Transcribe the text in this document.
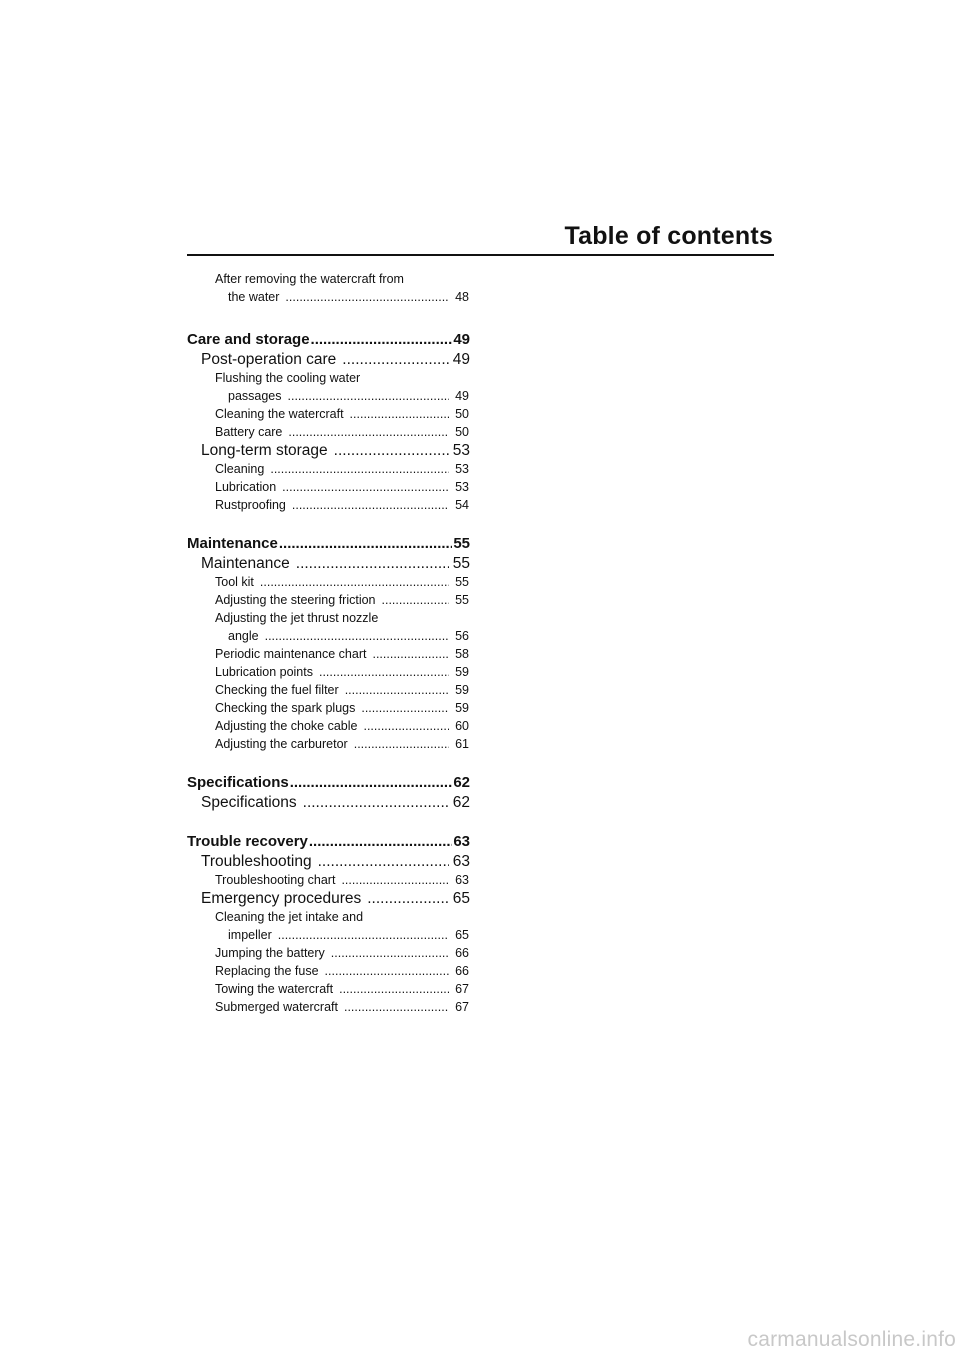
Table of contents
After removing the watercraft from
the water .....	48
Care and storage .....	49
Post-operation care .....	49
Flushing the cooling water
passages .....	49
Cleaning the watercraft .....	50
Battery care .....	50
Long-term storage .....	53
Cleaning .....	53
Lubrication .....	53
Rustproofing .....	54
Maintenance .....	55
Maintenance .....	55
Tool kit .....	55
Adjusting the steering friction .....	55
Adjusting the jet thrust nozzle
angle .....	56
Periodic maintenance chart .....	58
Lubrication points .....	59
Checking the fuel filter .....	59
Checking the spark plugs .....	59
Adjusting the choke cable .....	60
Adjusting the carburetor .....	61
Specifications .....	62
Specifications .....	62
Trouble recovery .....	63
Troubleshooting .....	63
Troubleshooting chart .....	63
Emergency procedures .....	65
Cleaning the jet intake and
impeller .....	65
Jumping the battery .....	66
Replacing the fuse .....	66
Towing the watercraft .....	67
Submerged watercraft .....	67
carmanualsonline.info
